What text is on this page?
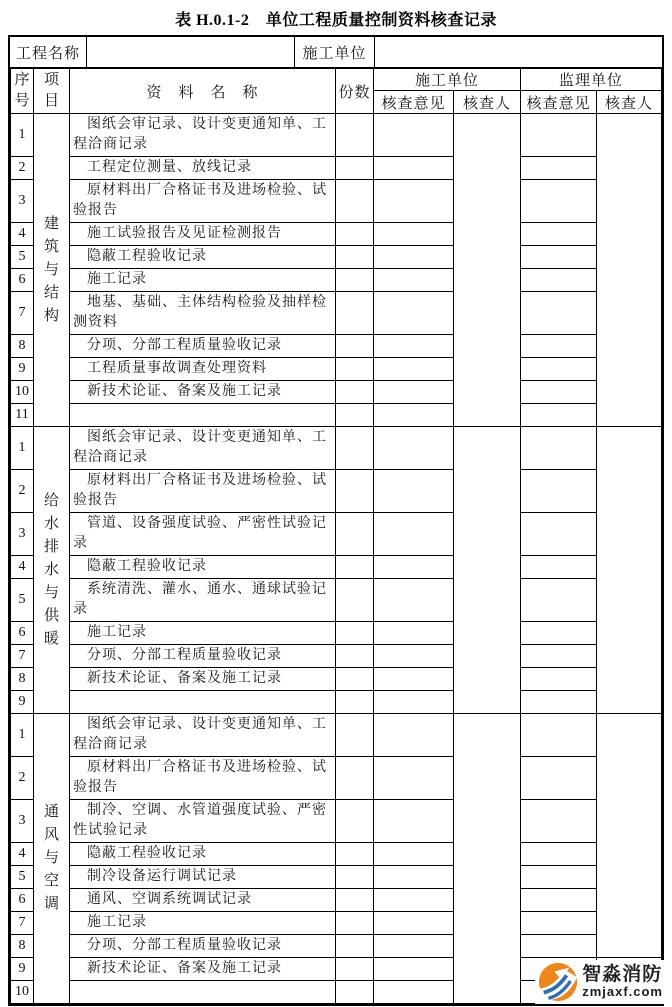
表 H.0.1-2　单位工程质量控制资料核查记录
工程名称	施工单位
序号	项目	资　料　名　称	份数	施工单位		监理单位	
				核查意见	核查人	核查意见	核查人
1	建筑与结构	图纸会审记录、设计变更通知单、工程洽商记录					
2		工程定位测量、放线记录					
3		原材料出厂合格证书及进场检验、试验报告					
4		施工试验报告及见证检测报告					
5		隐蔽工程验收记录					
6		施工记录					
7		地基、基础、主体结构检验及抽样检测资料					
8		分项、分部工程质量验收记录					
9		工程质量事故调查处理资料					
10		新技术论证、备案及施工记录					
11							
1	给水排水与供暖	图纸会审记录、设计变更通知单、工程洽商记录					
2		原材料出厂合格证书及进场检验、试验报告					
3		管道、设备强度试验、严密性试验记录					
4		隐蔽工程验收记录					
5		系统清洗、灌水、通水、通球试验记录					
6		施工记录					
7		分项、分部工程质量验收记录					
8		新技术论证、备案及施工记录					
9							
1	通风与空调	图纸会审记录、设计变更通知单、工程洽商记录					
2		原材料出厂合格证书及进场检验、试验报告					
3		制冷、空调、水管道强度试验、严密性试验记录					
4		隐蔽工程验收记录					
5		制冷设备运行调试记录					
6		通风、空调系统调试记录					
7		施工记录					
8		分项、分部工程质量验收记录					
9		新技术论证、备案及施工记录					
10							
智淼消防
zmjaxf.com
